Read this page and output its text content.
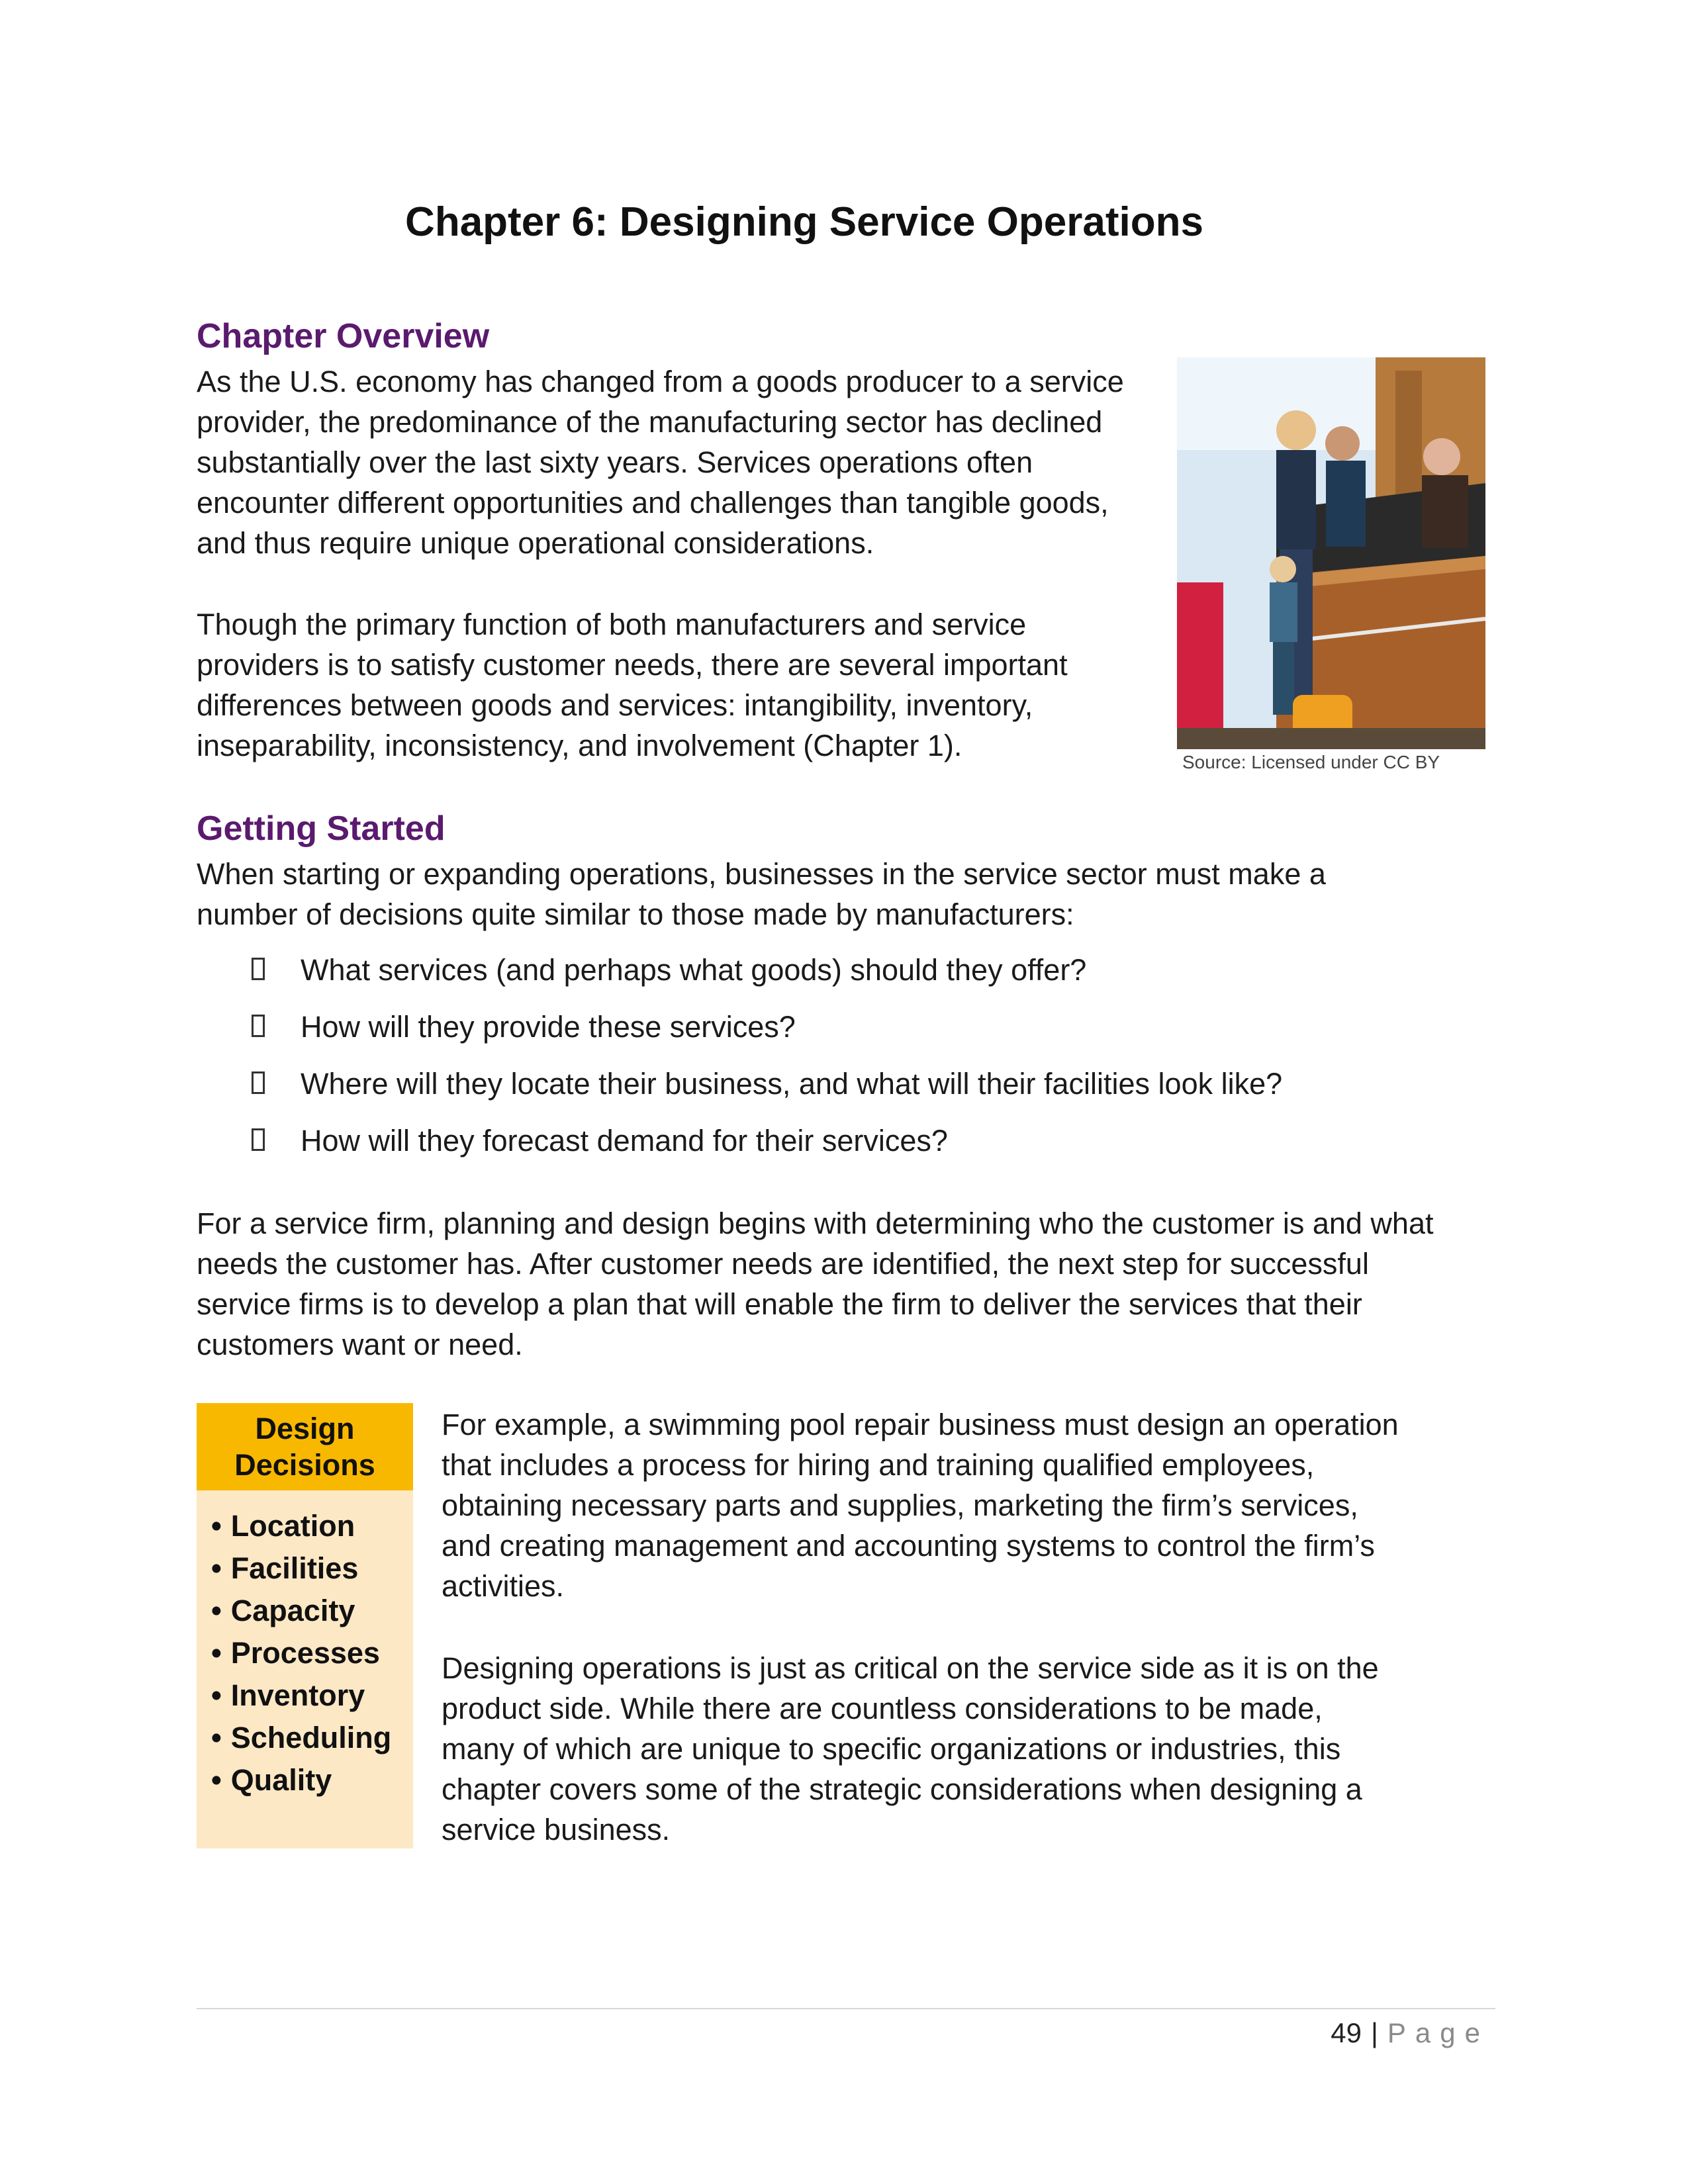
Chapter 6: Designing Service Operations
Chapter Overview
As the U.S. economy has changed from a goods producer to a service
provider, the predominance of the manufacturing sector has declined
substantially over the last sixty years. Services operations often
encounter different opportunities and challenges than tangible goods,
and thus require unique operational considerations.
Though the primary function of both manufacturers and service
providers is to satisfy customer needs, there are several important
differences between goods and services: intangibility, inventory,
inseparability, inconsistency, and involvement (Chapter 1).	Source: Licensed under CC BY
Getting Started
When starting or expanding operations, businesses in the service sector must make a
number of decisions quite similar to those made by manufacturers:
What services (and perhaps what goods) should they offer?
How will they provide these services?
Where will they locate their business, and what will their facilities look like?
How will they forecast demand for their services?
For a service firm, planning and design begins with determining who the customer is and what
needs the customer has. After customer needs are identified, the next step for successful
service firms is to develop a plan that will enable the firm to deliver the services that their
customers want or need.
Design
Decisions
• Location
• Facilities
• Capacity
• Processes
• Inventory
• Scheduling
• Quality
For example, a swimming pool repair business must design an operation
that includes a process for hiring and training qualified employees,
obtaining necessary parts and supplies, marketing the firm’s services,
and creating management and accounting systems to control the firm’s
activities.
Designing operations is just as critical on the service side as it is on the
product side. While there are countless considerations to be made,
many of which are unique to specific organizations or industries, this
chapter covers some of the strategic considerations when designing a
service business.
49 | Page
